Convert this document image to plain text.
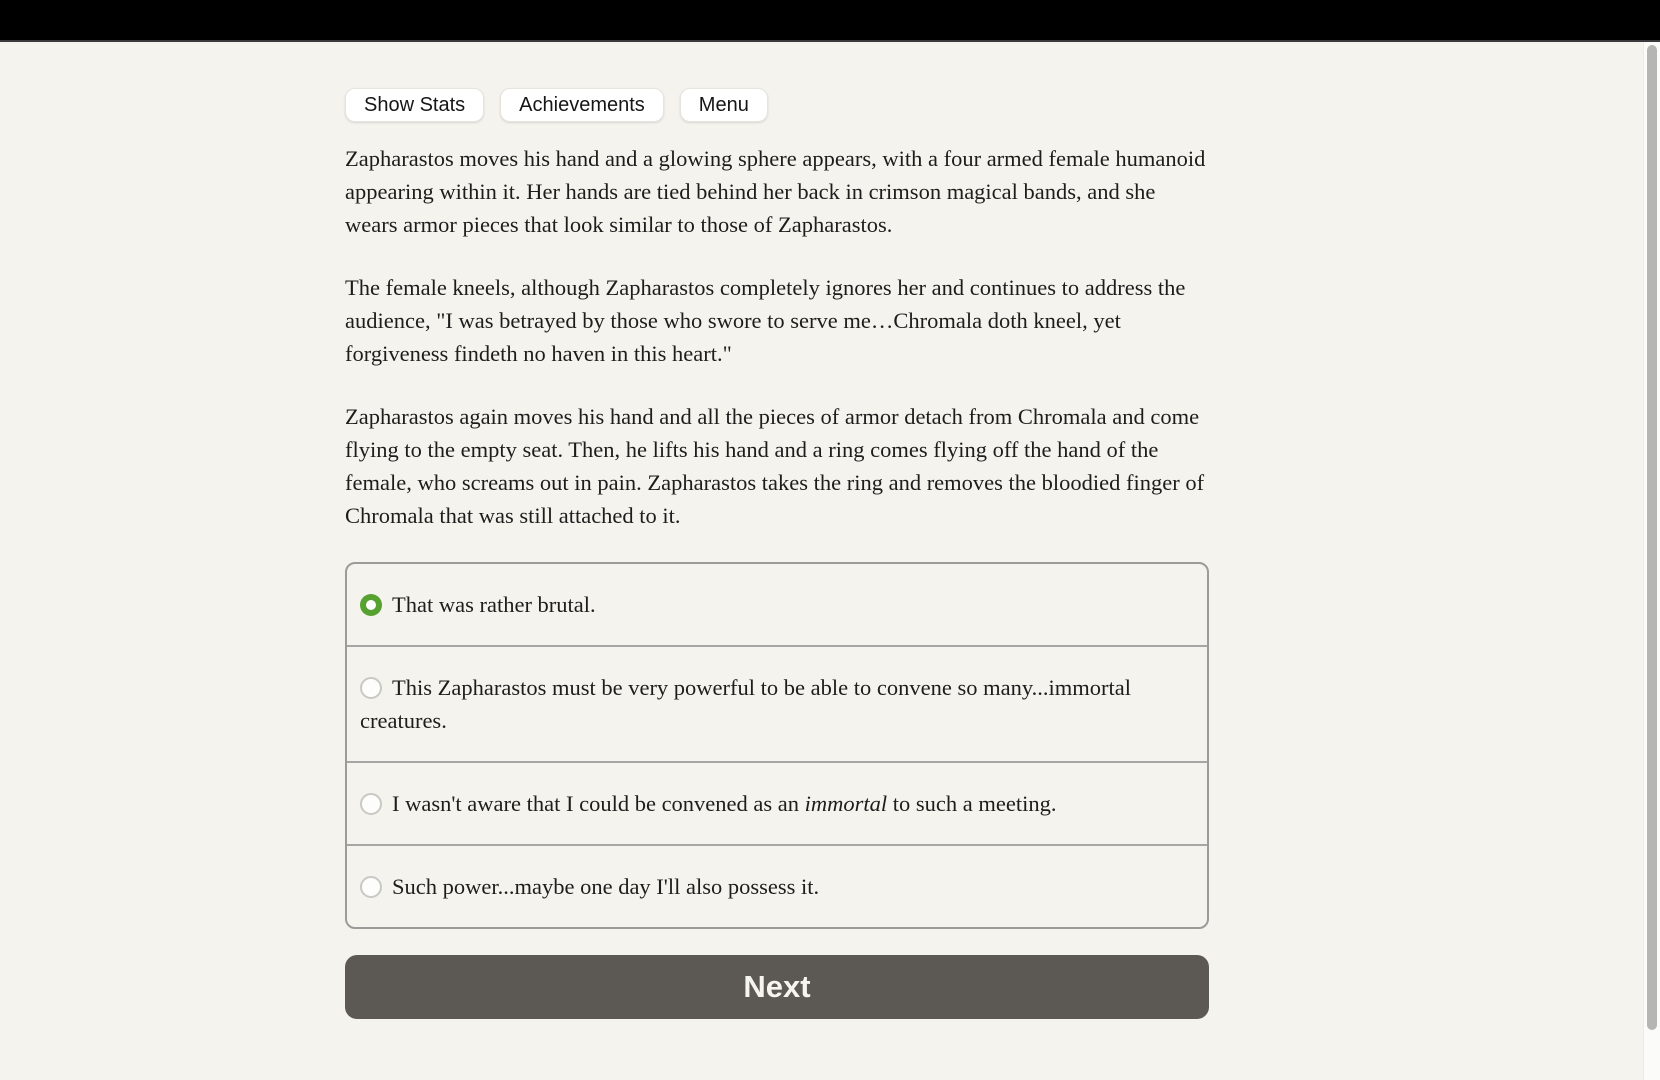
Show Stats	Achievements	Menu

Zapharastos moves his hand and a glowing sphere appears, with a four armed female humanoid appearing within it. Her hands are tied behind her back in crimson magical bands, and she wears armor pieces that look similar to those of Zapharastos.

The female kneels, although Zapharastos completely ignores her and continues to address the audience, "I was betrayed by those who swore to serve me…Chromala doth kneel, yet forgiveness findeth no haven in this heart."

Zapharastos again moves his hand and all the pieces of armor detach from Chromala and come flying to the empty seat. Then, he lifts his hand and a ring comes flying off the hand of the female, who screams out in pain. Zapharastos takes the ring and removes the bloodied finger of Chromala that was still attached to it.

That was rather brutal.
This Zapharastos must be very powerful to be able to convene so many...immortal creatures.
I wasn't aware that I could be convened as an immortal to such a meeting.
Such power...maybe one day I'll also possess it.
Next
